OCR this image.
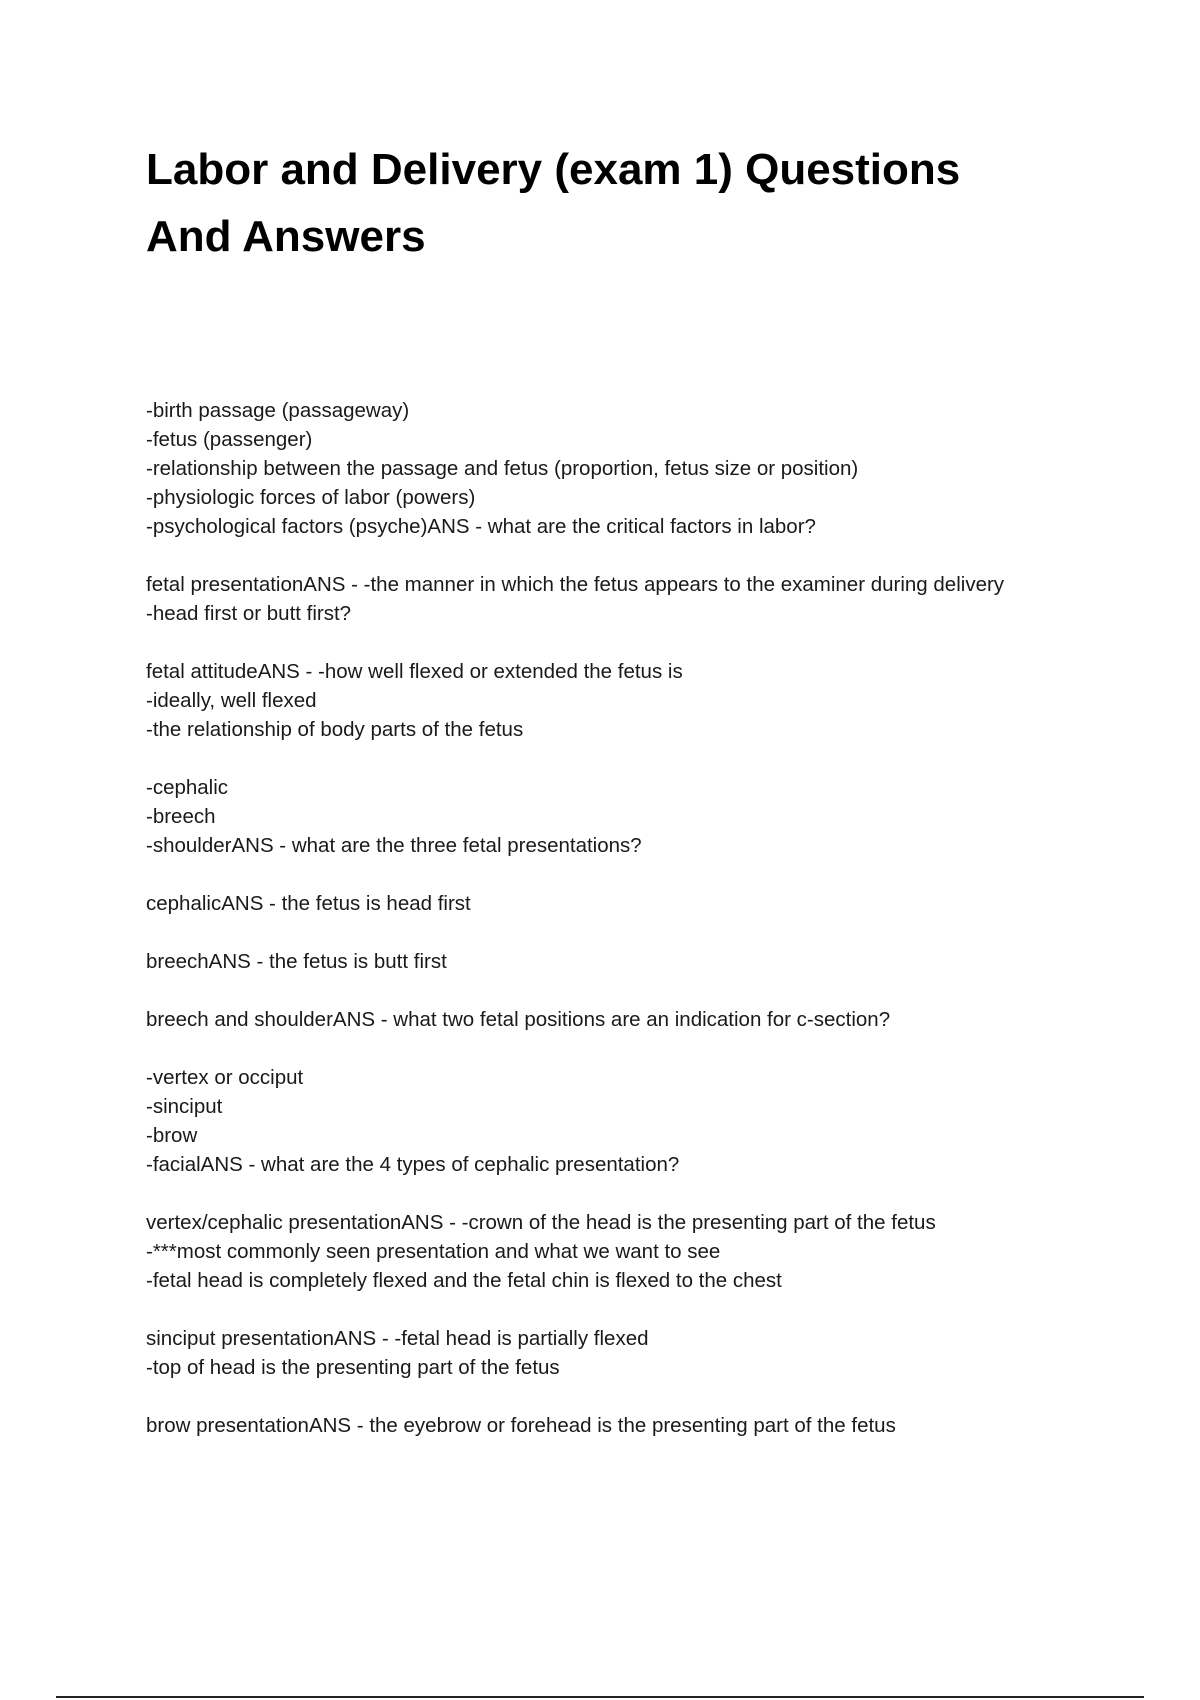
Labor and Delivery (exam 1) Questions
And Answers
-birth passage (passageway)
-fetus (passenger)
-relationship between the passage and fetus (proportion, fetus size or position)
-physiologic forces of labor (powers)
-psychological factors (psyche)ANS - what are the critical factors in labor?
fetal presentationANS - -the manner in which the fetus appears to the examiner during delivery
-head first or butt first?
fetal attitudeANS - -how well flexed or extended the fetus is
-ideally, well flexed
-the relationship of body parts of the fetus
-cephalic
-breech
-shoulderANS - what are the three fetal presentations?
cephalicANS - the fetus is head first
breechANS - the fetus is butt first
breech and shoulderANS - what two fetal positions are an indication for c-section?
-vertex or occiput
-sinciput
-brow
-facialANS - what are the 4 types of cephalic presentation?
vertex/cephalic presentationANS - -crown of the head is the presenting part of the fetus
-***most commonly seen presentation and what we want to see
-fetal head is completely flexed and the fetal chin is flexed to the chest
sinciput presentationANS - -fetal head is partially flexed
-top of head is the presenting part of the fetus
brow presentationANS - the eyebrow or forehead is the presenting part of the fetus
